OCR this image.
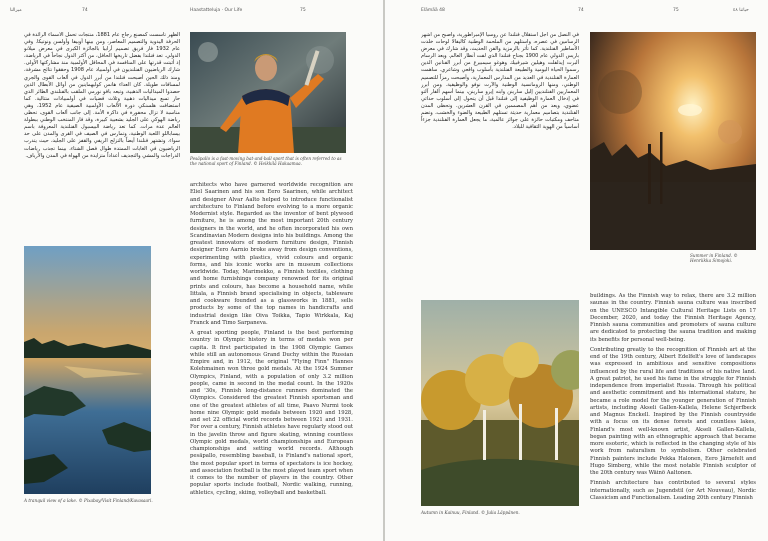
ميرالنا	74	Haastatteluja · Our Life	75
الظهر تأسست كمصنع زجاج عام 1881، منتجات تحمل الأسماء الرائدة في الحرفة اليدوية والتصميم المعاصر، ومن بينها أوبيفا وأولسن ونوتيكا. وفي عام 1932 فاز فريق تصميم أرابيا بالجائزة الكبرى في معرض ميلانو الدولي. تعد فنلندا بفضل تاريخها الحافل، من أكثر الدول نجاحاً في الرياضة، إذ أثبتت قدرتها على المنافسة في المحافل الأولمبية منذ مشاركتها الأولى. شارك الرياضيون الفنلنديون في أولمبياد عام 1908 وحققوا نتائج مشرفة، ومنذ ذلك الحين أصبحت فنلندا من أبرز الدول في ألعاب القوى والجري لمسافات طويلة. كان العداء هانس كوليهماينين من أوائل الأبطال الذين حصدوا الميداليات الذهبية، وتبعه بافو نورمي الملقب بالفنلندي الطائر الذي حاز تسع ميداليات ذهبية وثلاث فضيات في أولمبيادات متتالية. كما استضافت هلسنكي دورة الألعاب الأولمبية الصيفية عام 1952، وهي مناسبة لا تزال محفورة في ذاكرة الأمة. إلى جانب ألعاب القوى، تحظى رياضة الهوكي على الجليد بشعبية كبيرة، وقد فاز المنتخب الوطني ببطولة العالم عدة مرات. كما تعد رياضة البيسبول الفنلندية المعروفة باسم بيساباللو اللعبة الوطنية، وتمارس في الصيف في القرى والمدن على حد سواء. وتشتهر فنلندا أيضاً بالتزلج الريفي والقفز على الجليد، حيث يتدرب الرياضيون في الغابات الممتدة طوال فصل الشتاء، بينما تجذب رياضات الدراجات والمشي والتجديف أعداداً متزايدة من الهواة في المدن والأرياف. Pesäpallo is a fast-moving bat-and-ball sport that is often referred to as the national sport of Finland. © Heikkilä Hakaamaa.
A tranquil view of a lake. © Pixabay/Visit Finland/Kuvasaari.

architects who have garnered worldwide recognition are Eliel Saarinen and his son Eero Saarinen, while architect and designer Alvar Aalto helped to introduce functionalist architecture to Finland before evolving to a more organic Modernist style. Regarded as the inventor of bent plywood furniture, he is among the most important 20th century designers in the world, and he often incorporated his own Scandinavian Modern designs into his buildings. Among the greatest innovators of modern furniture design, Finnish designer Eero Aarnio broke away from design conventions, experimenting with plastics, vivid colours and organic forms, and his iconic works are in museum collections worldwide. Today, Marimekko, a Finnish textiles, clothing and home furnishings company renowned for its original prints and colours, has become a household name, while Iittala, a Finnish brand specialising in objects, tableware and cookware founded as a glassworks in 1881, sells products by some of the top names in handicrafts and industrial design like Oiva Toikka, Tapio Wirkkala, Kaj Franck and Timo Sarpaneva.

A great sporting people, Finland is the best performing country in Olympic history in terms of medals won per capita. It first participated in the 1908 Olympic Games while still an autonomous Grand Duchy within the Russian Empire and, in 1912, the original "Flying Finn" Hannes Kolehmainen won three gold medals. At the 1924 Summer Olympics, Finland, with a population of only 3.2 million people, came in second in the medal count. In the 1920s and '30s, Finnish long-distance runners dominated the Olympics. Considered the greatest Finnish sportsman and one of the greatest athletes of all time, Paavo Nurmi took home nine Olympic gold medals between 1920 and 1928, and set 22 official world records between 1921 and 1931. For over a century, Finnish athletes have regularly stood out in the javelin throw and figure skating, winning countless Olympic gold medals, world championships and European championships and setting world records. Although pesäpallo, resembling baseball, is Finland's national sport, the most popular sport in terms of spectators is ice hockey, and association football is the most played team sport when it comes to the number of players in the country. Other popular sports include football, Nordic walking, running, athletics, cycling, skiing, volleyball and basketball.

Elämää 48	74	75	حياتنا ٤٨
في النصل من أجل استقلال فنلندا عن روسيا الإمبراطورية، وأصبح من أشهر الرسامين في عصره، واستلهم من الملحمة الوطنية كاليفالا لوحات خلدت الأساطير الفنلندية. كما تأثر بالرمزية والفن الحديث، وقد شارك في معرض باريس الدولي عام 1900 بجناح فنلندا الذي لفت أنظار العالم. ويعد الرسام ألبرت إيدلفلت وهيلين شيرفبيك وهوغو سيمبيرغ من أبرز الفنانين الذين رسموا الحياة اليومية والطبيعة الفنلندية بأسلوب واقعي وشاعري. ساهمت العمارة الفنلندية في العديد من المدارس المعمارية، وأصبحت رمزاً للتصميم الوطني، ومنها الرومانسية الوطنية والآرت نوفو والوظيفية. ومن أبرز المعماريين الفنلنديين إليل سارينن وابنه إيرو سارينن، بينما أسهم ألفار آلتو في إدخال العمارة الوظيفية إلى فنلندا قبل أن يتحول إلى أسلوب حداثي عضوي، ويعد من أهم المصممين في القرن العشرين. وتحظى المدن الفنلندية بتصاميم معمارية حديثة تستلهم الطبيعة والضوء والخشب، وتضم متاحف ومكتبات حائزة على جوائز عالمية، ما يجعل العمارة الفنلندية جزءاً أساسياً من الهوية الثقافية للبلاد.
Summer in Finland. © Henriikka Simojoki.
Autumn in Kainuu, Finland. © Julia Läppänen.

buildings. As the Finnish way to relax, there are 3.2 million saunas in the country. Finnish sauna culture was inscribed on the UNESCO Intangible Cultural Heritage Lists on 17 December, 2020, and today the Finnish Heritage Agency, Finnish sauna communities and promoters of sauna culture are dedicated to protecting the sauna tradition and making its benefits for personal well-being.

Contributing greatly to the recognition of Finnish art at the end of the 19th century, Albert Edelfelt's love of landscapes was expressed in ambitious and sensitive compositions influenced by the rural life and traditions of his native land. A great patriot, he used his fame in the struggle for Finnish independence from imperialist Russia. Through his political and aesthetic commitment and his international stature, he became a role model for the younger generation of Finnish artists, including Akseli Gallen-Kallela, Helene Schjerfbeck and Magnus Enckell. Inspired by the Finnish countryside with a focus on its dense forests and countless lakes, Finland's most well-known artist, Akseli Gallen-Kallela, began painting with an ethnographic approach that became more esoteric, which is reflected in the changing style of his work from naturalism to symbolism. Other celebrated Finnish painters include Pekka Halonen, Eero Järnefelt and Hugo Simberg, while the most notable Finnish sculptor of the 20th century was Wäinö Aaltonen.

Finnish architecture has contributed to several styles internationally, such as Jugendstil (or Art Nouveau), Nordic Classicism and Functionalism. Leading 20th century Finnish
